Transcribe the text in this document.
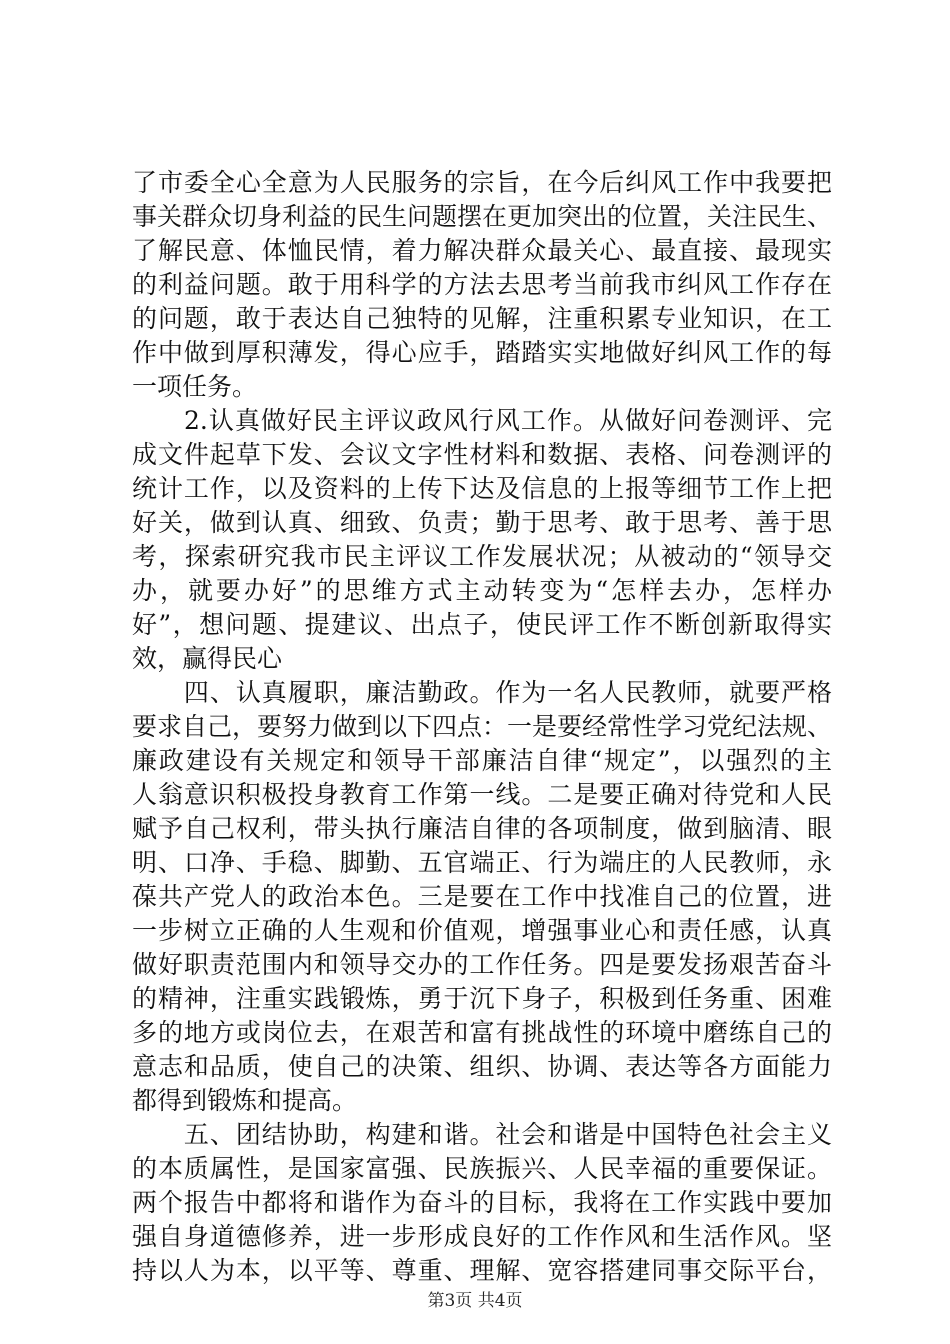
了市委全心全意为人民服务的宗旨，在今后纠风工作中我要把
事关群众切身利益的民生问题摆在更加突出的位置，关注民生、
了解民意、体恤民情，着力解决群众最关心、最直接、最现实
的利益问题。敢于用科学的方法去思考当前我市纠风工作存在
的问题，敢于表达自己独特的见解，注重积累专业知识，在工
作中做到厚积薄发，得心应手，踏踏实实地做好纠风工作的每
一项任务。
　　2.认真做好民主评议政风行风工作。从做好问卷测评、完
成文件起草下发、会议文字性材料和数据、表格、问卷测评的
统计工作，以及资料的上传下达及信息的上报等细节工作上把
好关，做到认真、细致、负责；勤于思考、敢于思考、善于思
考，探索研究我市民主评议工作发展状况；从被动的“领导交
办，就要办好”的思维方式主动转变为“怎样去办，怎样办
好”，想问题、提建议、出点子，使民评工作不断创新取得实
效，赢得民心
　　四、认真履职，廉洁勤政。作为一名人民教师，就要严格
要求自己，要努力做到以下四点：一是要经常性学习党纪法规、
廉政建设有关规定和领导干部廉洁自律“规定”，以强烈的主
人翁意识积极投身教育工作第一线。二是要正确对待党和人民
赋予自己权利，带头执行廉洁自律的各项制度，做到脑清、眼
明、口净、手稳、脚勤、五官端正、行为端庄的人民教师，永
葆共产党人的政治本色。三是要在工作中找准自己的位置，进
一步树立正确的人生观和价值观，增强事业心和责任感，认真
做好职责范围内和领导交办的工作任务。四是要发扬艰苦奋斗
的精神，注重实践锻炼，勇于沉下身子，积极到任务重、困难
多的地方或岗位去，在艰苦和富有挑战性的环境中磨练自己的
意志和品质，使自己的决策、组织、协调、表达等各方面能力
都得到锻炼和提高。
　　五、团结协助，构建和谐。社会和谐是中国特色社会主义
的本质属性，是国家富强、民族振兴、人民幸福的重要保证。
两个报告中都将和谐作为奋斗的目标，我将在工作实践中要加
强自身道德修养，进一步形成良好的工作作风和生活作风。坚
第3页 共4页
持以人为本，以平等、尊重、理解、宽容搭建同事交际平台，
